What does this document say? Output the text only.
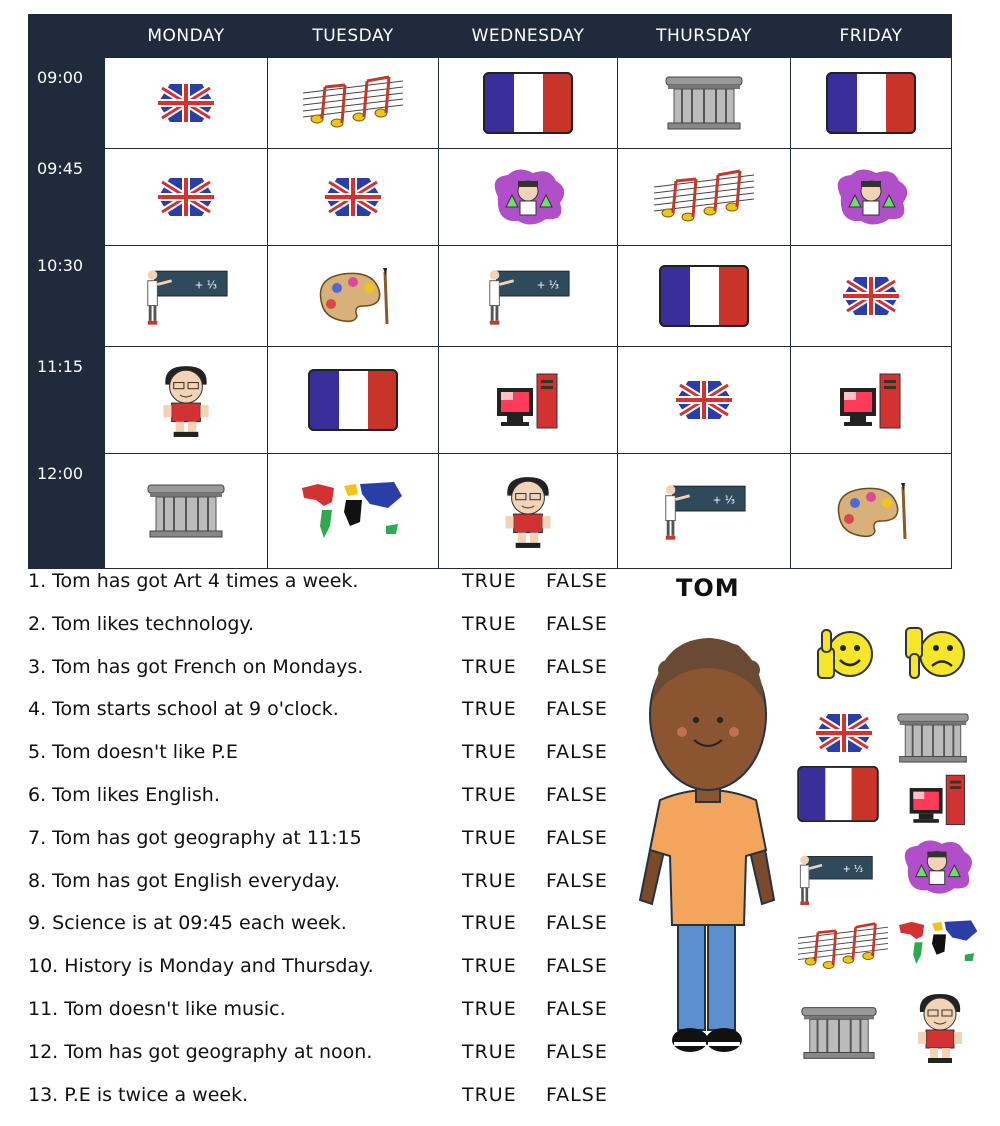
	MONDAY	TUESDAY	WEDNESDAY	THURSDAY	FRIDAY
09:00	

09:45	

10:30	+ ⅓		+ ⅓

11:15	

12:00				+ ⅓

1. Tom has got Art 4 times a week.	TRUE FALSE
2. Tom likes technology.	TRUE FALSE
3. Tom has got French on Mondays.	TRUE FALSE
4. Tom starts school at 9 o'clock.	TRUE FALSE
5. Tom doesn't like P.E	TRUE FALSE
6. Tom likes English.	TRUE FALSE
7. Tom has got geography at 11:15	TRUE FALSE
8. Tom has got English everyday.	TRUE FALSE
9. Science is at 09:45 each week.	TRUE FALSE
10. History is Monday and Thursday.	TRUE FALSE
11. Tom doesn't like music.	TRUE FALSE
12. Tom has got geography at noon.	TRUE FALSE
13. P.E is twice a week.	TRUE FALSE
TOM
+ ⅓
